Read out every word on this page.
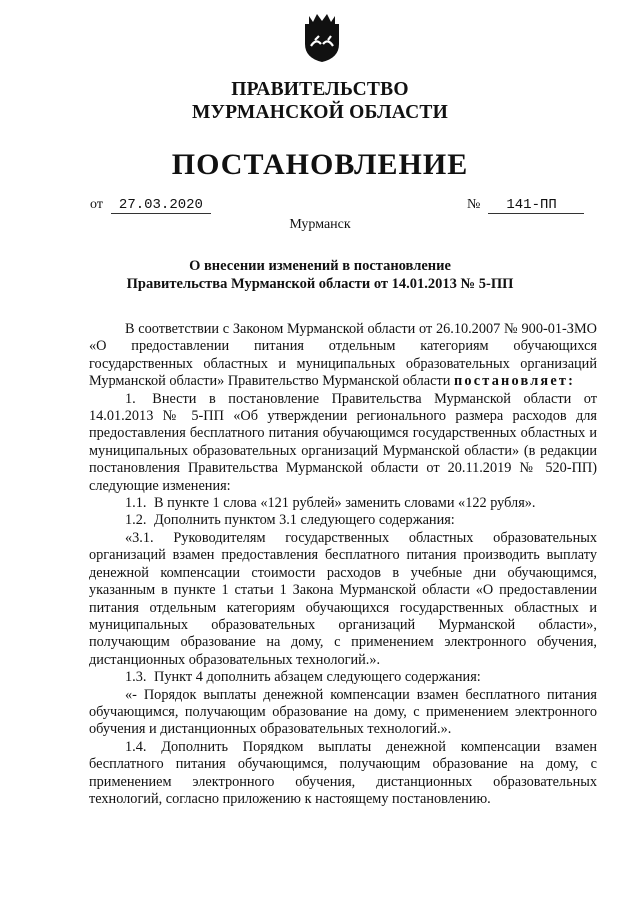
ПРАВИТЕЛЬСТВО
МУРМАНСКОЙ ОБЛАСТИ
ПОСТАНОВЛЕНИЕ
от 27.03.2020	№ 141-ПП
Мурманск
О внесении изменений в постановление
Правительства Мурманской области от 14.01.2013 № 5-ПП

В соответствии с Законом Мурманской области от 26.10.2007 № 900-01-ЗМО «О предоставлении питания отдельным категориям обучающихся государственных областных и муниципальных образовательных организаций Мурманской области» Правительство Мурманской области постановляет:

1. Внести в постановление Правительства Мурманской области от 14.01.2013 № 5-ПП «Об утверждении регионального размера расходов для предоставления бесплатного питания обучающимся государственных областных и муниципальных образовательных организаций Мурманской области» (в редакции постановления Правительства Мурманской области от 20.11.2019 № 520-ПП) следующие изменения:

1.1. В пункте 1 слова «121 рублей» заменить словами «122 рубля».

1.2. Дополнить пунктом 3.1 следующего содержания:

«3.1. Руководителям государственных областных образовательных организаций взамен предоставления бесплатного питания производить выплату денежной компенсации стоимости расходов в учебные дни обучающимся, указанным в пункте 1 статьи 1 Закона Мурманской области «О предоставлении питания отдельным категориям обучающихся государственных областных и муниципальных образовательных организаций Мурманской области», получающим образование на дому, с применением электронного обучения, дистанционных образовательных технологий.».

1.3. Пункт 4 дополнить абзацем следующего содержания:

«- Порядок выплаты денежной компенсации взамен бесплатного питания обучающимся, получающим образование на дому, с применением электронного обучения и дистанционных образовательных технологий.».

1.4. Дополнить Порядком выплаты денежной компенсации взамен бесплатного питания обучающимся, получающим образование на дому, с применением электронного обучения, дистанционных образовательных технологий, согласно приложению к настоящему постановлению.
